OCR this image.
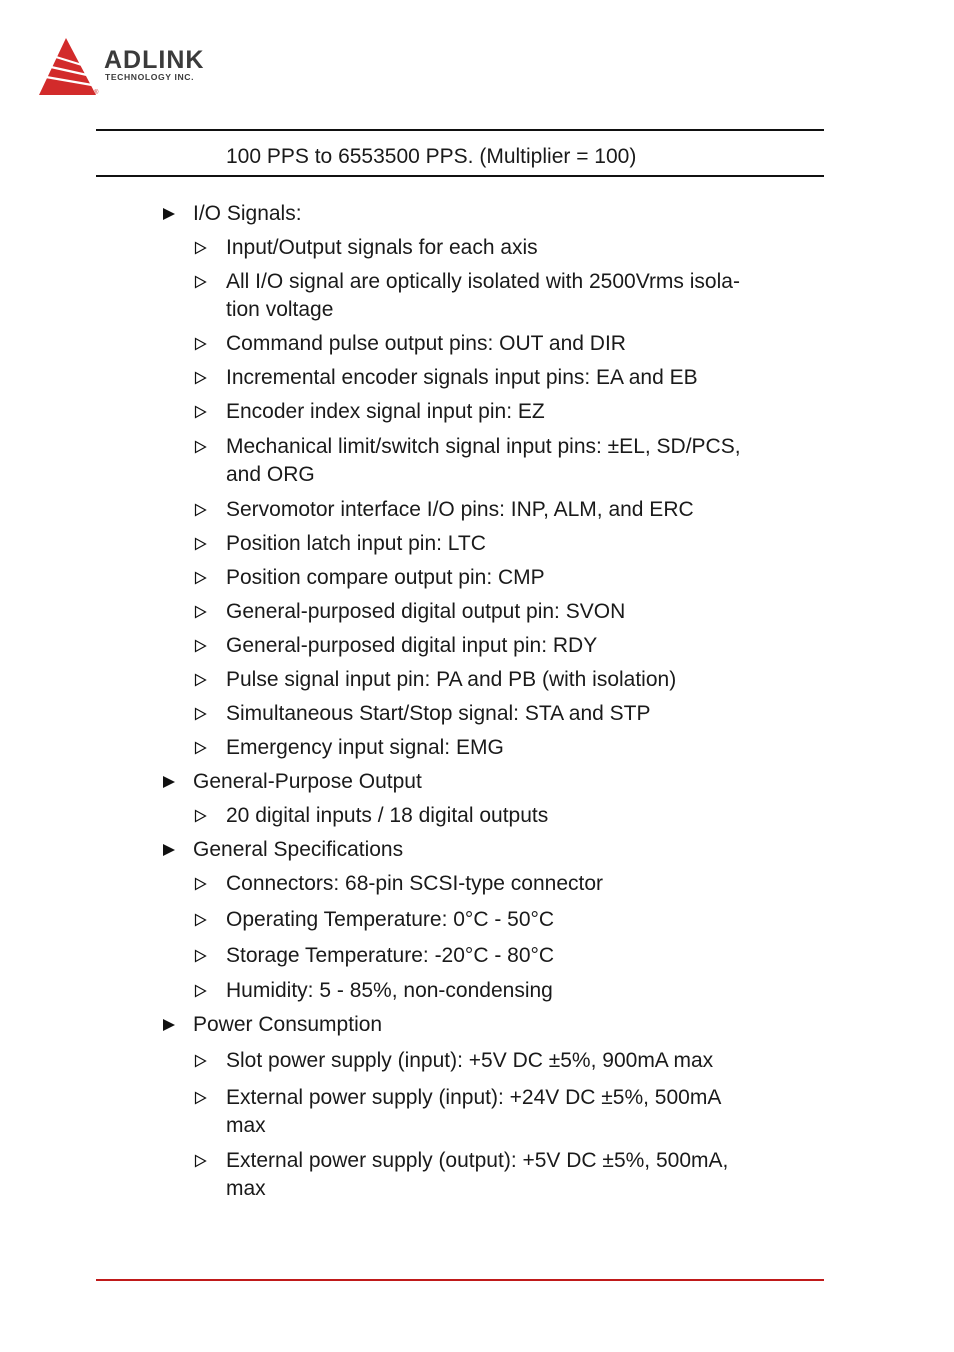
®
ADLINK
TECHNOLOGY INC.
100 PPS to 6553500 PPS. (Multiplier = 100)
I/O Signals:
Input/Output signals for each axis
All I/O signal are optically isolated with 2500Vrms isola-
tion voltage
Command pulse output pins: OUT and DIR
Incremental encoder signals input pins: EA and EB
Encoder index signal input pin: EZ
Mechanical limit/switch signal input pins: ±EL, SD/PCS,
and ORG
Servomotor interface I/O pins: INP, ALM, and ERC
Position latch input pin: LTC
Position compare output pin: CMP
General-purposed digital output pin: SVON
General-purposed digital input pin: RDY
Pulse signal input pin: PA and PB (with isolation)
Simultaneous Start/Stop signal: STA and STP
Emergency input signal: EMG
General-Purpose Output
20 digital inputs / 18 digital outputs
General Specifications
Connectors: 68-pin SCSI-type connector
Operating Temperature: 0°C - 50°C
Storage Temperature: -20°C - 80°C
Humidity: 5 - 85%, non-condensing
Power Consumption
Slot power supply (input): +5V DC ±5%, 900mA max
External power supply (input): +24V DC ±5%, 500mA
max
External power supply (output): +5V DC ±5%, 500mA,
max
